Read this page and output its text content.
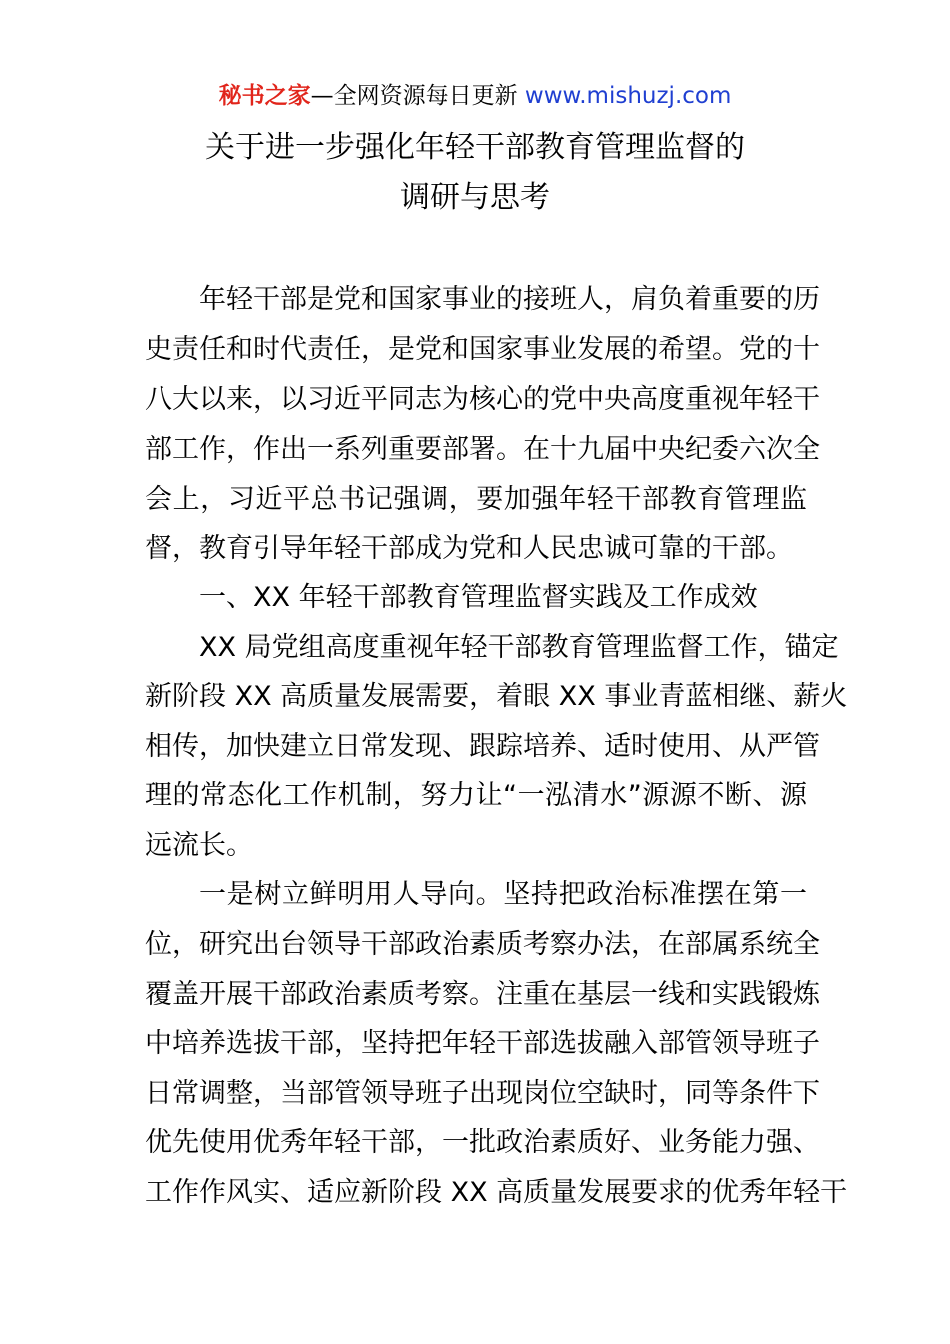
秘书之家—全网资源每日更新 www.mishuzj.com
关于进一步强化年轻干部教育管理监督的
调研与思考
年轻干部是党和国家事业的接班人，肩负着重要的历
史责任和时代责任，是党和国家事业发展的希望。党的十
八大以来，以习近平同志为核心的党中央高度重视年轻干
部工作，作出一系列重要部署。在十九届中央纪委六次全
会上，习近平总书记强调，要加强年轻干部教育管理监
督，教育引导年轻干部成为党和人民忠诚可靠的干部。
一、XX 年轻干部教育管理监督实践及工作成效
XX 局党组高度重视年轻干部教育管理监督工作，锚定
新阶段 XX 高质量发展需要，着眼 XX 事业青蓝相继、薪火
相传，加快建立日常发现、跟踪培养、适时使用、从严管
理的常态化工作机制，努力让“一泓清水”源源不断、源
远流长。
一是树立鲜明用人导向。坚持把政治标准摆在第一
位，研究出台领导干部政治素质考察办法，在部属系统全
覆盖开展干部政治素质考察。注重在基层一线和实践锻炼
中培养选拔干部，坚持把年轻干部选拔融入部管领导班子
日常调整，当部管领导班子出现岗位空缺时，同等条件下
优先使用优秀年轻干部，一批政治素质好、业务能力强、
工作作风实、适应新阶段 XX 高质量发展要求的优秀年轻干
